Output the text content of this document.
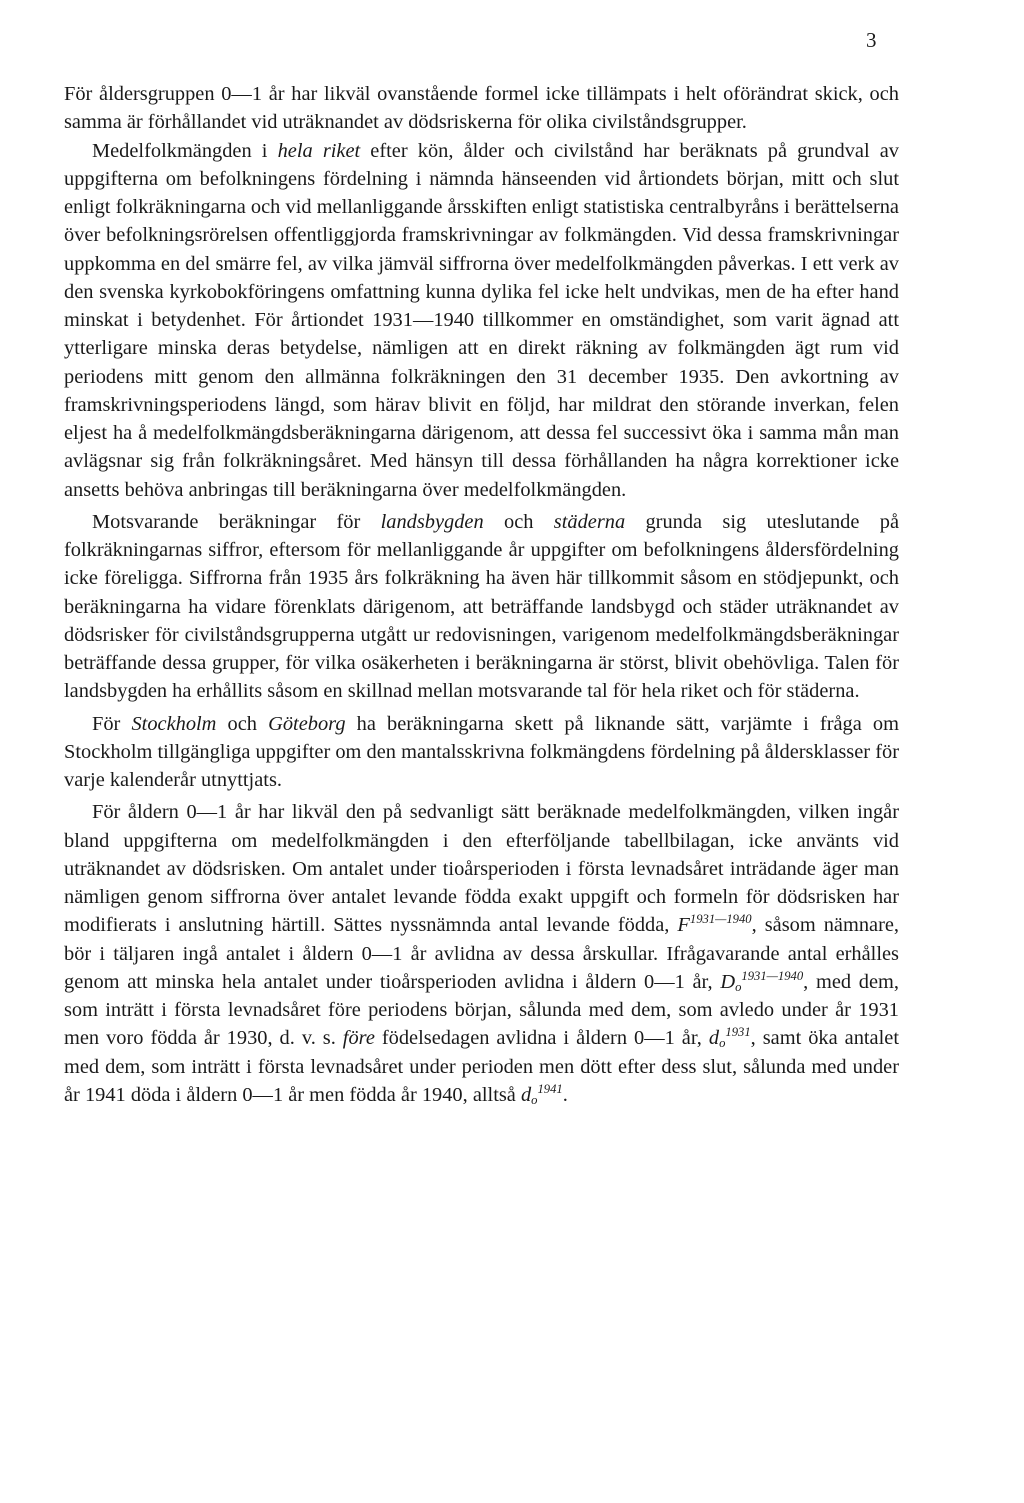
3

För åldersgruppen 0—1 år har likväl ovanstående formel icke tillämpats i helt oförändrat skick, och samma är förhållandet vid uträknandet av dödsriskerna för olika civilståndsgrupper.

Medelfolkmängden i hela riket efter kön, ålder och civilstånd har beräknats på grundval av uppgifterna om befolkningens fördelning i nämnda hänseenden vid årtiondets början, mitt och slut enligt folkräkningarna och vid mellanliggande årsskiften enligt statistiska centralbyråns i berättelserna över befolkningsrörelsen offentliggjorda framskrivningar av folkmängden. Vid dessa framskrivningar uppkomma en del smärre fel, av vilka jämväl siffrorna över medelfolkmängden påverkas. I ett verk av den svenska kyrkobokföringens omfattning kunna dylika fel icke helt undvikas, men de ha efter hand minskat i betydenhet. För årtiondet 1931—1940 tillkommer en omständighet, som varit ägnad att ytterligare minska deras betydelse, nämligen att en direkt räkning av folkmängden ägt rum vid periodens mitt genom den allmänna folkräkningen den 31 december 1935. Den avkortning av framskrivningsperiodens längd, som härav blivit en följd, har mildrat den störande inverkan, felen eljest ha å medelfolkmängdsberäkningarna därigenom, att dessa fel successivt öka i samma mån man avlägsnar sig från folkräkningsåret. Med hänsyn till dessa förhållanden ha några korrektioner icke ansetts behöva anbringas till beräkningarna över medelfolkmängden.

Motsvarande beräkningar för landsbygden och städerna grunda sig uteslutande på folkräkningarnas siffror, eftersom för mellanliggande år uppgifter om befolkningens åldersfördelning icke föreligga. Siffrorna från 1935 års folkräkning ha även här tillkommit såsom en stödjepunkt, och beräkningarna ha vidare förenklats därigenom, att beträffande landsbygd och städer uträknandet av dödsrisker för civilståndsgrupperna utgått ur redovisningen, varigenom medelfolkmängdsberäkningar beträffande dessa grupper, för vilka osäkerheten i beräkningarna är störst, blivit obehövliga. Talen för landsbygden ha erhållits såsom en skillnad mellan motsvarande tal för hela riket och för städerna.

För Stockholm och Göteborg ha beräkningarna skett på liknande sätt, varjämte i fråga om Stockholm tillgängliga uppgifter om den mantalsskrivna folkmängdens fördelning på åldersklasser för varje kalenderår utnyttjats.

För åldern 0—1 år har likväl den på sedvanligt sätt beräknade medelfolkmängden, vilken ingår bland uppgifterna om medelfolkmängden i den efterföljande tabellbilagan, icke använts vid uträknandet av dödsrisken. Om antalet under tioårsperioden i första levnadsåret inträdande äger man nämligen genom siffrorna över antalet levande födda exakt uppgift och formeln för dödsrisken har modifierats i anslutning härtill. Sättes nyssnämnda antal levande födda, $F^{1931—1940}$, såsom nämnare, bör i täljaren ingå antalet i åldern 0—1 år avlidna av dessa årskullar. Ifrågavarande antal erhålles genom att minska hela antalet under tioårsperioden avlidna i åldern 0—1 år, $D_o^{1931—1940}$, med dem, som inträtt i första levnadsåret före periodens början, sålunda med dem, som avledo under år 1931 men voro födda år 1930, d. v. s. före födelsedagen avlidna i åldern 0—1 år, $d_o^{1931}$, samt öka antalet med dem, som inträtt i första levnadsåret under perioden men dött efter dess slut, sålunda med under år 1941 döda i åldern 0—1 år men födda år 1940, alltså $d_o^{1941}$.
